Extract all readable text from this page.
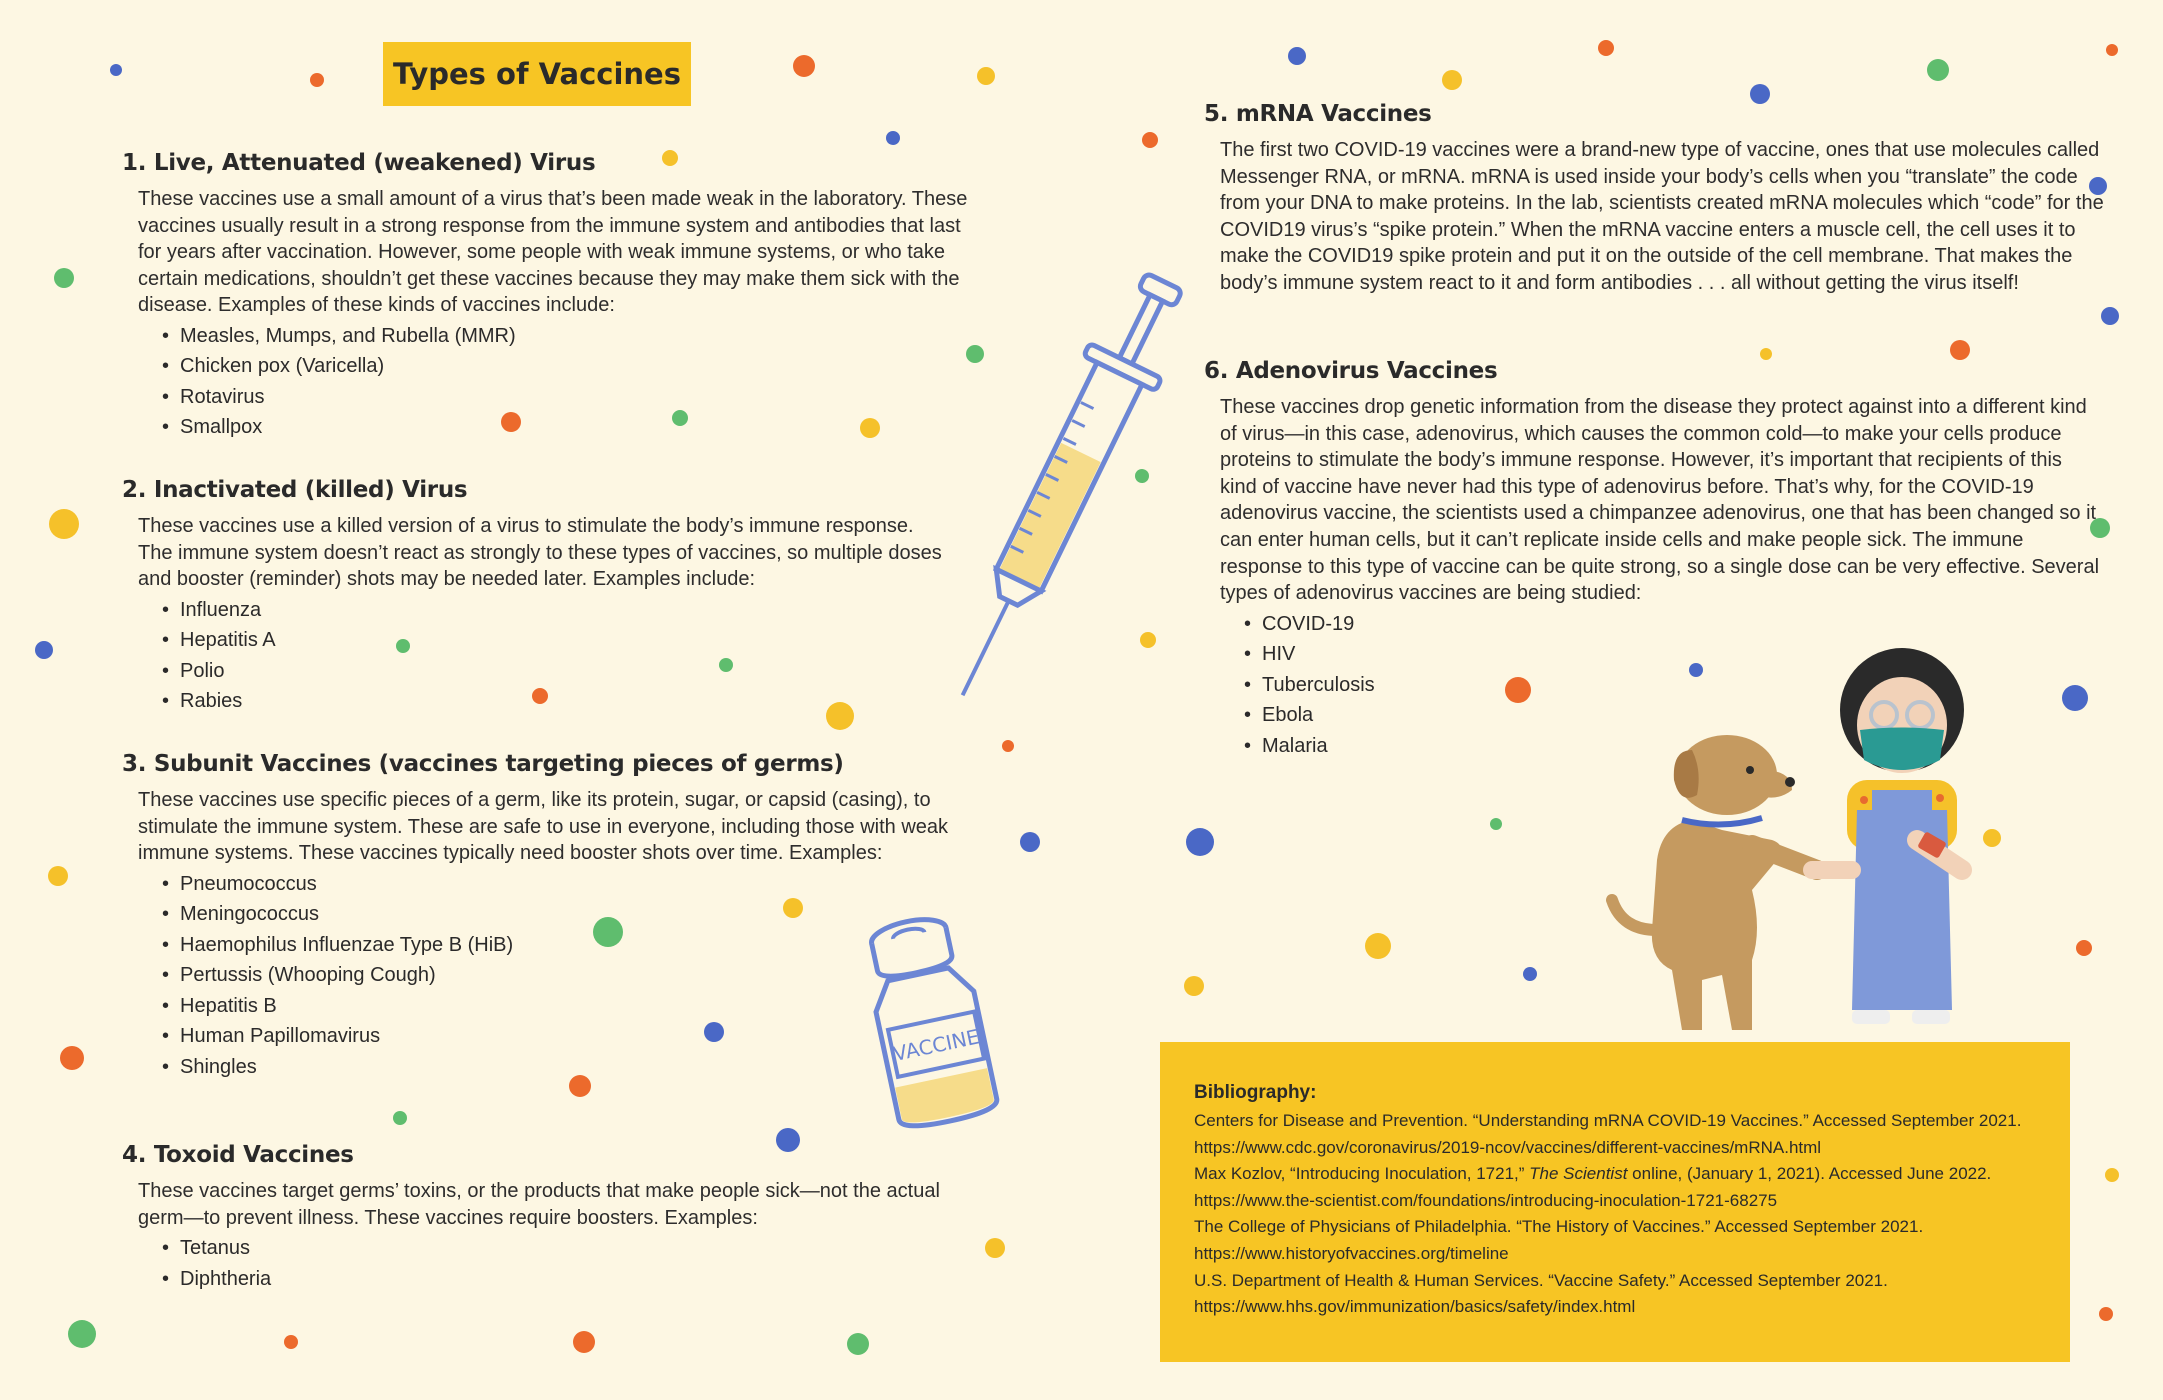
Types of Vaccines
1. Live, Attenuated (weakened) Virus

These vaccines use a small amount of a virus that’s been made weak in the laboratory. These vaccines usually result in a strong response from the immune system and antibodies that last for years after vaccination. However, some people with weak immune systems, or who take certain medications, shouldn’t get these vaccines because they may make them sick with the disease. Examples of these kinds of vaccines include:

• Measles, Mumps, and Rubella (MMR)
• Chicken pox (Varicella)
• Rotavirus
• Smallpox
2. Inactivated (killed) Virus

These vaccines use a killed version of a virus to stimulate the body’s immune response. The immune system doesn’t react as strongly to these types of vaccines, so multiple doses and booster (reminder) shots may be needed later. Examples include:

• Influenza
• Hepatitis A
• Polio
• Rabies
3. Subunit Vaccines (vaccines targeting pieces of germs)

These vaccines use specific pieces of a germ, like its protein, sugar, or capsid (casing), to stimulate the immune system. These are safe to use in everyone, including those with weak immune systems. These vaccines typically need booster shots over time. Examples:

• Pneumococcus
• Meningococcus
• Haemophilus Influenzae Type B (HiB)
• Pertussis (Whooping Cough)
• Hepatitis B
• Human Papillomavirus
• Shingles
4. Toxoid Vaccines

These vaccines target germs’ toxins, or the products that make people sick—not the actual germ—to prevent illness. These vaccines require boosters. Examples:

• Tetanus
• Diphtheria
VACCINE
5. mRNA Vaccines

The first two COVID-19 vaccines were a brand-new type of vaccine, ones that use molecules called Messenger RNA, or mRNA. mRNA is used inside your body’s cells when you “translate” the code from your DNA to make proteins. In the lab, scientists created mRNA molecules which “code” for the COVID19 virus’s “spike protein.” When the mRNA vaccine enters a muscle cell, the cell uses it to make the COVID19 spike protein and put it on the outside of the cell membrane. That makes the body’s immune system react to it and form antibodies . . . all without getting the virus itself!

6. Adenovirus Vaccines

These vaccines drop genetic information from the disease they protect against into a different kind of virus—in this case, adenovirus, which causes the common cold—to make your cells produce proteins to stimulate the body’s immune response. However, it’s important that recipients of this kind of vaccine have never had this type of adenovirus before. That’s why, for the COVID-19 adenovirus vaccine, the scientists used a chimpanzee adenovirus, one that has been changed so it can enter human cells, but it can’t replicate inside cells and make people sick. The immune response to this type of vaccine can be quite strong, so a single dose can be very effective. Several types of adenovirus vaccines are being studied:

• COVID-19
• HIV
• Tuberculosis
• Ebola
• Malaria
Bibliography:
Centers for Disease and Prevention. “Understanding mRNA COVID-19 Vaccines.” Accessed September 2021.
https://www.cdc.gov/coronavirus/2019-ncov/vaccines/different-vaccines/mRNA.html
Max Kozlov, “Introducing Inoculation, 1721,” The Scientist online, (January 1, 2021). Accessed June 2022.
https://www.the-scientist.com/foundations/introducing-inoculation-1721-68275
The College of Physicians of Philadelphia. “The History of Vaccines.” Accessed September 2021.
https://www.historyofvaccines.org/timeline
U.S. Department of Health & Human Services. “Vaccine Safety.” Accessed September 2021.
https://www.hhs.gov/immunization/basics/safety/index.html
